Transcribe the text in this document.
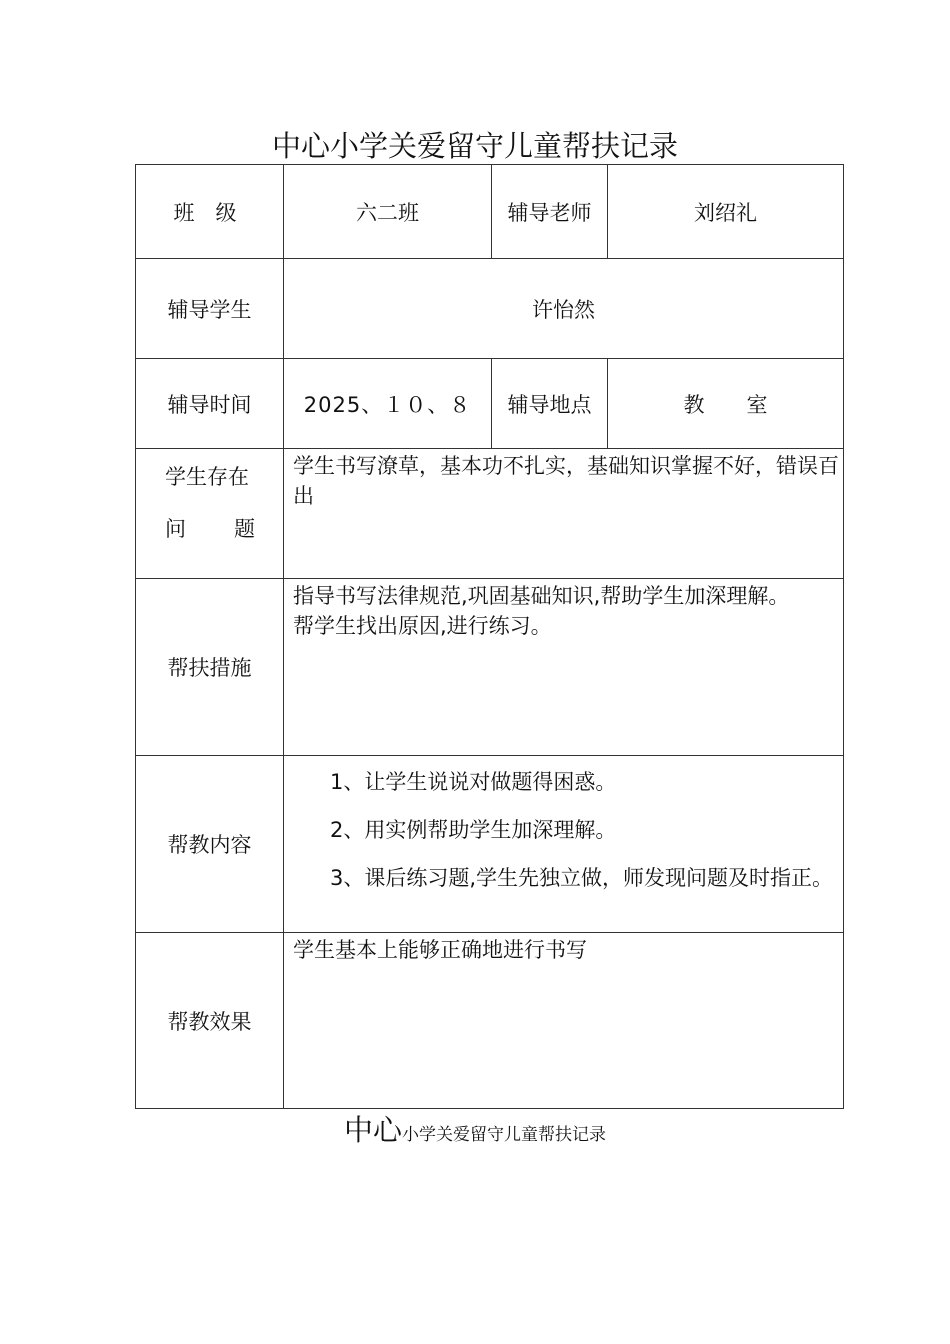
中心小学关爱留守儿童帮扶记录
班　级	六二班	辅导老师	刘绍礼
辅导学生	许怡然		
辅导时间	2025、１０、８	辅导地点	教　　室

学生存在
问 题	学生书写潦草，基本功不扎实，基础知识掌握不好，错误百出		
帮扶措施	指导书写法律规范,巩固基础知识,帮助学生加深理解。
帮学生找出原因,进行练习。		

帮教内容	1、让学生说说对做题得困惑。
2、用实例帮助学生加深理解。
3、课后练习题,学生先独立做，师发现问题及时指正。		

帮教效果	学生基本上能够正确地进行书写		
中心小学关爱留守儿童帮扶记录
